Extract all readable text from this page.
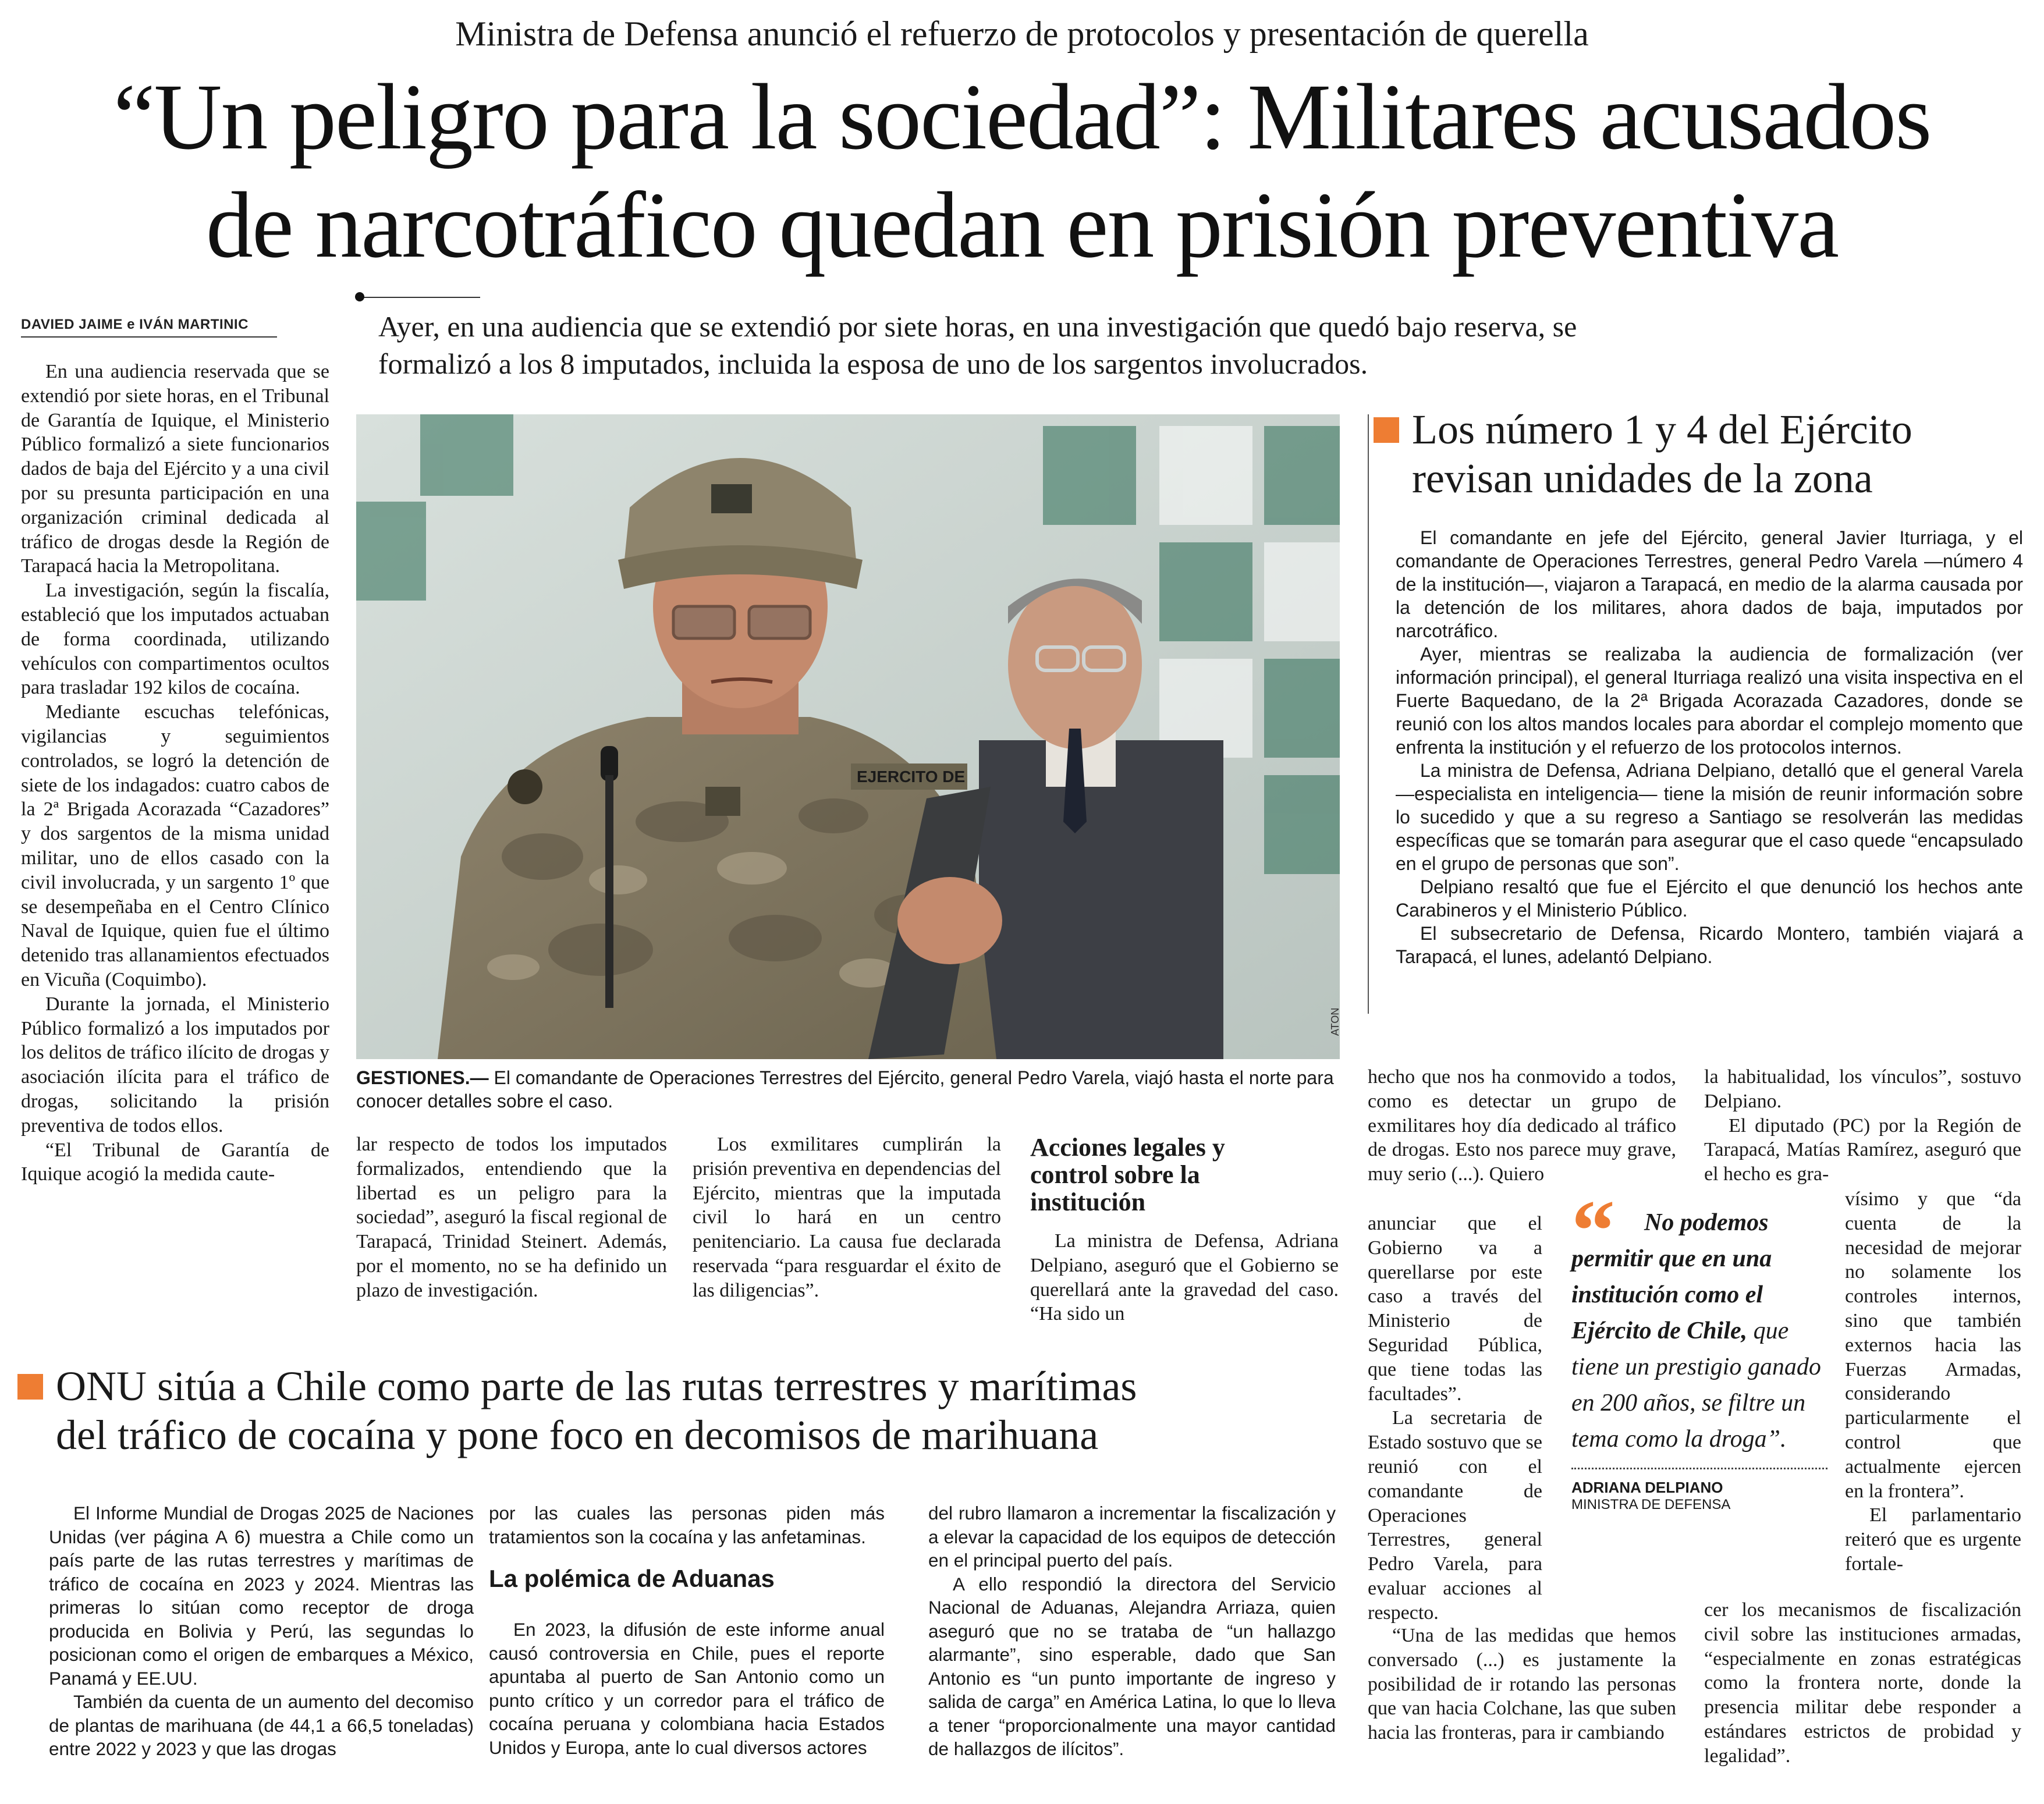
Ministra de Defensa anunció el refuerzo de protocolos y presentación de querella
“Un peligro para la sociedad”: Militares acusados
de narcotráfico quedan en prisión preventiva
DAVIED JAIME e IVÁN MARTINIC	Ayer, en una audiencia que se extendió por siete horas, en una investigación que quedó bajo reserva, se
formalizó a los 8 imputados, incluida la esposa de uno de los sargentos involucrados.

En una audiencia reservada que se extendió por siete horas, en el Tribunal de Garantía de Iquique, el Ministerio Público formalizó a siete funcionarios dados de baja del Ejército y a una civil por su presunta participación en una organización criminal dedicada al tráfico de drogas desde la Región de Tarapacá hacia la Metropolitana.

La investigación, según la fiscalía, estableció que los imputados actuaban de forma coordinada, utilizando vehículos con compartimentos ocultos para trasladar 192 kilos de cocaína.

Mediante escuchas telefónicas, vigilancias y seguimientos controlados, se logró la detención de siete de los indagados: cuatro cabos de la 2ª Brigada Acorazada “Cazadores” y dos sargentos de la misma unidad militar, uno de ellos casado con la civil involucrada, y un sargento 1º que se desempeñaba en el Centro Clínico Naval de Iquique, quien fue el último detenido tras allanamientos efectuados en Vicuña (Coquimbo).

Durante la jornada, el Ministerio Público formalizó a los imputados por los delitos de tráfico ilícito de drogas y asociación ilícita para el tráfico de drogas, solicitando la prisión preventiva de todos ellos.

“El Tribunal de Garantía de Iquique acogió la medida caute-

EJERCITO DE
ATON
GESTIONES.— El comandante de Operaciones Terrestres del Ejército, general Pedro Varela, viajó hasta el norte para conocer detalles sobre el caso.

lar respecto de todos los imputados formalizados, entendiendo que la libertad es un peligro para la sociedad”, aseguró la fiscal regional de Tarapacá, Trinidad Steinert. Además, por el momento, no se ha definido un plazo de investigación.

Los exmilitares cumplirán la prisión preventiva en dependencias del Ejército, mientras que la imputada civil lo hará en un centro penitenciario. La causa fue declarada reservada “para resguardar el éxito de las diligencias”.

Acciones legales y control sobre la institución

La ministra de Defensa, Adriana Delpiano, aseguró que el Gobierno se querellará ante la gravedad del caso. “Ha sido un

Los número 1 y 4 del Ejército
revisan unidades de la zona

El comandante en jefe del Ejército, general Javier Iturriaga, y el comandante de Operaciones Terrestres, general Pedro Varela —número 4 de la institución—, viajaron a Tarapacá, en medio de la alarma causada por la detención de los militares, ahora dados de baja, imputados por narcotráfico.

Ayer, mientras se realizaba la audiencia de formalización (ver información principal), el general Iturriaga realizó una visita inspectiva en el Fuerte Baquedano, de la 2ª Brigada Acorazada Cazadores, donde se reunió con los altos mandos locales para abordar el complejo momento que enfrenta la institución y el refuerzo de los protocolos internos.

La ministra de Defensa, Adriana Delpiano, detalló que el general Varela —especialista en inteligencia— tiene la misión de reunir información sobre lo sucedido y que a su regreso a Santiago se resolverán las medidas específicas que se tomarán para asegurar que el caso quede “encapsulado en el grupo de personas que son”.

Delpiano resaltó que fue el Ejército el que denunció los hechos ante Carabineros y el Ministerio Público.

El subsecretario de Defensa, Ricardo Montero, también viajará a Tarapacá, el lunes, adelantó Delpiano.

hecho que nos ha conmovido a todos, como es detectar un grupo de exmilitares hoy día dedicado al tráfico de drogas. Esto nos parece muy grave, muy serio (...). Quiero

anunciar que el Gobierno va a querellarse por este caso a través del Ministerio de Seguridad Pública, que tiene todas las facultades”.

La secretaria de Estado sostuvo que se reunió con el comandante de Operaciones Terrestres, general Pedro Varela, para evaluar acciones al respecto.

“Una de las medidas que hemos conversado (...) es justamente la posibilidad de ir rotando las personas que van hacia Colchane, las que suben hacia las fronteras, para ir cambiando

la habitualidad, los vínculos”, sostuvo Delpiano.

El diputado (PC) por la Región de Tarapacá, Matías Ramírez, aseguró que el hecho es gra-

vísimo y que “da cuenta de la necesidad de mejorar no solamente los controles internos, sino que también externos hacia las Fuerzas Armadas, considerando particularmente el control que actualmente ejercen en la frontera”.

El parlamentario reiteró que es urgente fortale-

cer los mecanismos de fiscalización civil sobre las instituciones armadas, “especialmente en zonas estratégicas como la frontera norte, donde la presencia militar debe responder a estándares estrictos de probidad y legalidad”.

“	No podemos permitir que en una institución como el Ejército de Chile, que tiene un prestigio ganado en 200 años, se filtre un tema como la droga”.
ADRIANA DELPIANO
MINISTRA DE DEFENSA
ONU sitúa a Chile como parte de las rutas terrestres y marítimas
del tráfico de cocaína y pone foco en decomisos de marihuana

El Informe Mundial de Drogas 2025 de Naciones Unidas (ver página A 6) muestra a Chile como un país parte de las rutas terrestres y marítimas de tráfico de cocaína en 2023 y 2024. Mientras las primeras lo sitúan como receptor de droga producida en Bolivia y Perú, las segundas lo posicionan como el origen de embarques a México, Panamá y EE.UU.

También da cuenta de un aumento del decomiso de plantas de marihuana (de 44,1 a 66,5 toneladas) entre 2022 y 2023 y que las drogas

por las cuales las personas piden más tratamientos son la cocaína y las anfetaminas.

La polémica de Aduanas

En 2023, la difusión de este informe anual causó controversia en Chile, pues el reporte apuntaba al puerto de San Antonio como un punto crítico y un corredor para el tráfico de cocaína peruana y colombiana hacia Estados Unidos y Europa, ante lo cual diversos actores

del rubro llamaron a incrementar la fiscalización y a elevar la capacidad de los equipos de detección en el principal puerto del país.

A ello respondió la directora del Servicio Nacional de Aduanas, Alejandra Arriaza, quien aseguró que no se trataba de “un hallazgo alarmante”, sino esperable, dado que San Antonio es “un punto importante de ingreso y salida de carga” en América Latina, lo que lo lleva a tener “proporcionalmente una mayor cantidad de hallazgos de ilícitos”.
